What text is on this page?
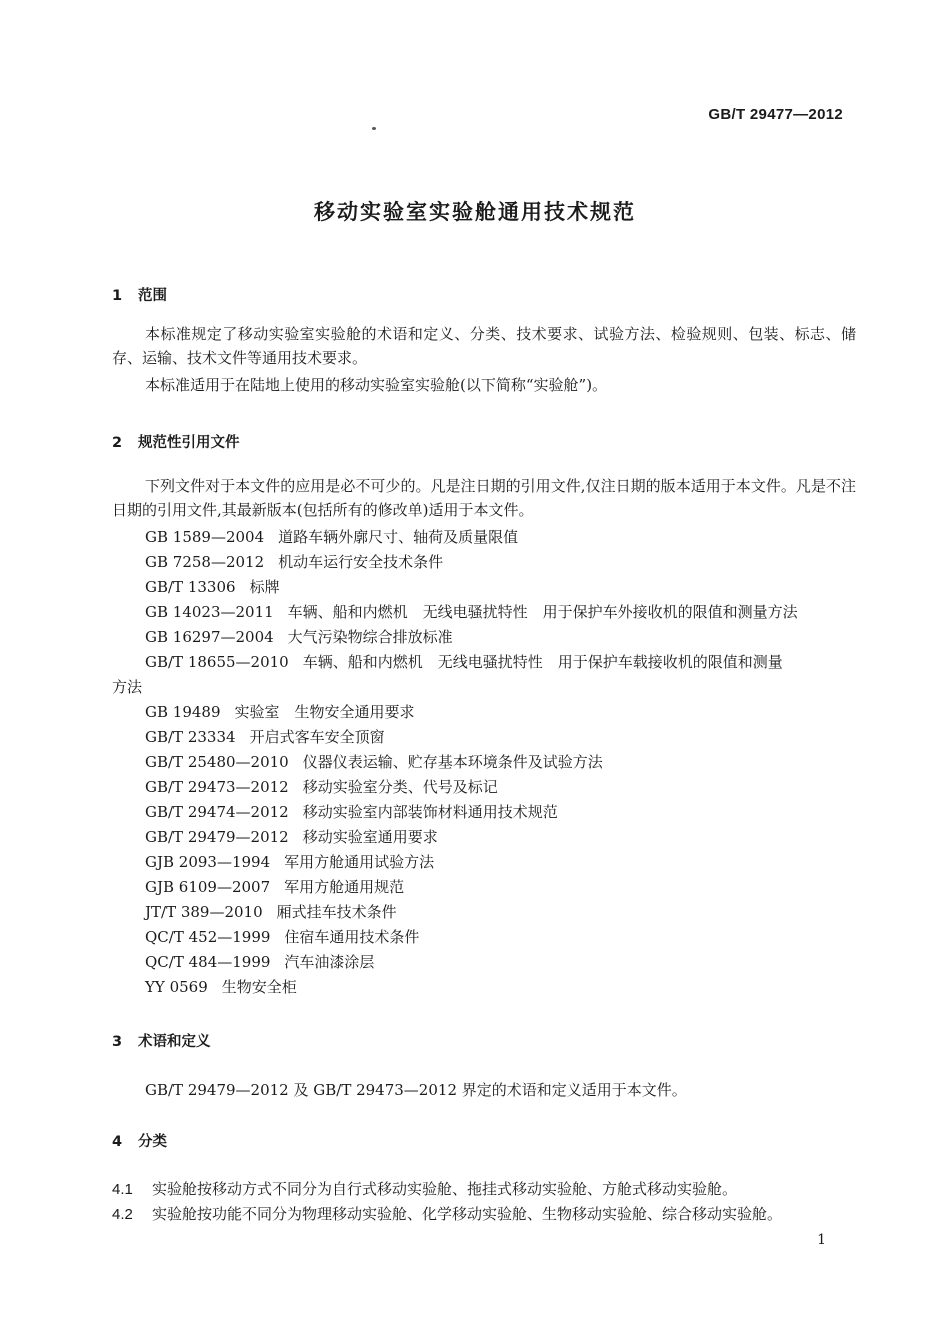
GB/T 29477—2012
移动实验室实验舱通用技术规范
1 范围
本标准规定了移动实验室实验舱的术语和定义、分类、技术要求、试验方法、检验规则、包装、标志、储存、运输、技术文件等通用技术要求。
本标准适用于在陆地上使用的移动实验室实验舱(以下简称“实验舱”)。
2 规范性引用文件
下列文件对于本文件的应用是必不可少的。凡是注日期的引用文件,仅注日期的版本适用于本文件。凡是不注日期的引用文件,其最新版本(包括所有的修改单)适用于本文件。
GB 1589—2004 道路车辆外廓尺寸、轴荷及质量限值
GB 7258—2012 机动车运行安全技术条件
GB/T 13306 标牌
GB 14023—2011 车辆、船和内燃机　无线电骚扰特性　用于保护车外接收机的限值和测量方法
GB 16297—2004 大气污染物综合排放标准
GB/T 18655—2010 车辆、船和内燃机　无线电骚扰特性　用于保护车载接收机的限值和测量
方法
GB 19489 实验室　生物安全通用要求
GB/T 23334 开启式客车安全顶窗
GB/T 25480—2010 仪器仪表运输、贮存基本环境条件及试验方法
GB/T 29473—2012 移动实验室分类、代号及标记
GB/T 29474—2012 移动实验室内部装饰材料通用技术规范
GB/T 29479—2012 移动实验室通用要求
GJB 2093—1994 军用方舱通用试验方法
GJB 6109—2007 军用方舱通用规范
JT/T 389—2010 厢式挂车技术条件
QC/T 452—1999 住宿车通用技术条件
QC/T 484—1999 汽车油漆涂层
YY 0569 生物安全柜
3 术语和定义
GB/T 29479—2012 及 GB/T 29473—2012 界定的术语和定义适用于本文件。
4 分类
4.1 实验舱按移动方式不同分为自行式移动实验舱、拖挂式移动实验舱、方舱式移动实验舱。
4.2 实验舱按功能不同分为物理移动实验舱、化学移动实验舱、生物移动实验舱、综合移动实验舱。
1
